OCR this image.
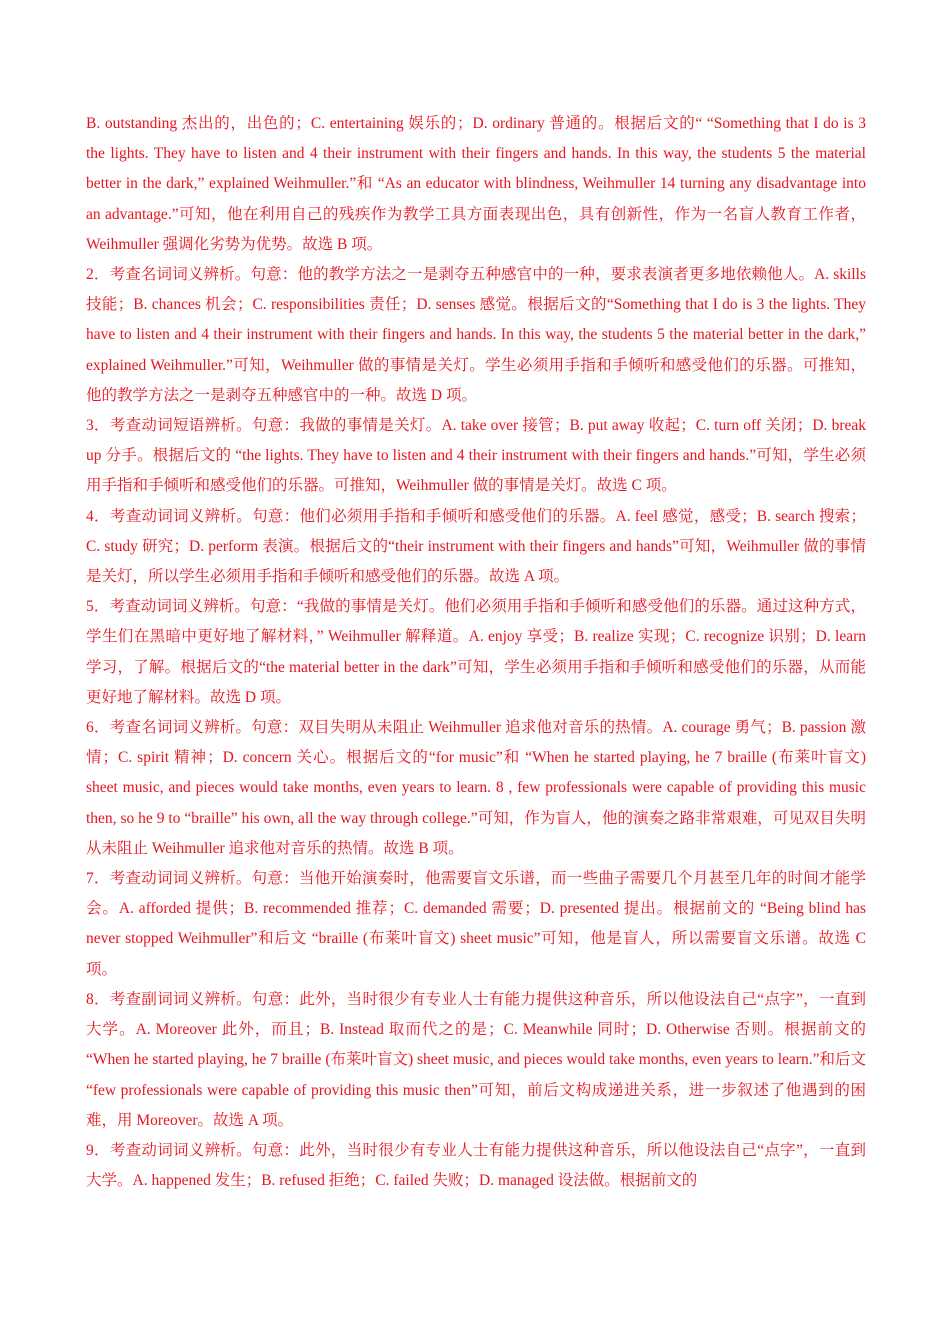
B. outstanding 杰出的，出色的；C. entertaining 娱乐的；D. ordinary 普通的。根据后文的“ “Something that I do is 3 the lights. They have to listen and 4 their instrument with their fingers and hands. In this way, the students 5 the material better in the dark,” explained Weihmuller.”和 “As an educator with blindness, Weihmuller 14 turning any disadvantage into an advantage.”可知，他在利用自己的残疾作为教学工具方面表现出色，具有创新性，作为一名盲人教育工作者，Weihmuller 强调化劣势为优势。故选 B 项。

2．考查名词词义辨析。句意：他的教学方法之一是剥夺五种感官中的一种，要求表演者更多地依赖他人。A. skills 技能；B. chances 机会；C. responsibilities 责任；D. senses 感觉。根据后文的“Something that I do is 3 the lights. They have to listen and 4 their instrument with their fingers and hands. In this way, the students 5 the material better in the dark,” explained Weihmuller.”可知，Weihmuller 做的事情是关灯。学生必须用手指和手倾听和感受他们的乐器。可推知，他的教学方法之一是剥夺五种感官中的一种。故选 D 项。

3．考查动词短语辨析。句意：我做的事情是关灯。A. take over 接管；B. put away 收起；C. turn off 关闭；D. break up 分手。根据后文的 “the lights. They have to listen and 4 their instrument with their fingers and hands.”可知，学生必须用手指和手倾听和感受他们的乐器。可推知，Weihmuller 做的事情是关灯。故选 C 项。

4．考查动词词义辨析。句意：他们必须用手指和手倾听和感受他们的乐器。A. feel 感觉，感受；B. search 搜索；C. study 研究；D. perform 表演。根据后文的“their instrument with their fingers and hands”可知，Weihmuller 做的事情是关灯，所以学生必须用手指和手倾听和感受他们的乐器。故选 A 项。

5．考查动词词义辨析。句意：“我做的事情是关灯。他们必须用手指和手倾听和感受他们的乐器。通过这种方式，学生们在黑暗中更好地了解材料，” Weihmuller 解释道。A. enjoy 享受；B. realize 实现；C. recognize 识别；D. learn 学习，了解。根据后文的“the material better in the dark”可知，学生必须用手指和手倾听和感受他们的乐器，从而能更好地了解材料。故选 D 项。

6．考查名词词义辨析。句意：双目失明从未阻止 Weihmuller 追求他对音乐的热情。A. courage 勇气；B. passion 激情；C. spirit 精神；D. concern 关心。根据后文的“for music”和 “When he started playing, he 7 braille (布莱叶盲文) sheet music, and pieces would take months, even years to learn. 8 , few professionals were capable of providing this music then, so he 9 to “braille” his own, all the way through college.”可知，作为盲人，他的演奏之路非常艰难，可见双目失明从未阻止 Weihmuller 追求他对音乐的热情。故选 B 项。

7．考查动词词义辨析。句意：当他开始演奏时，他需要盲文乐谱，而一些曲子需要几个月甚至几年的时间才能学会。A. afforded 提供；B. recommended 推荐；C. demanded 需要；D. presented 提出。根据前文的 “Being blind has never stopped Weihmuller”和后文 “braille (布莱叶盲文) sheet music”可知，他是盲人，所以需要盲文乐谱。故选 C 项。

8．考查副词词义辨析。句意：此外，当时很少有专业人士有能力提供这种音乐，所以他设法自己“点字”，一直到大学。A. Moreover 此外，而且；B. Instead 取而代之的是；C. Meanwhile 同时；D. Otherwise 否则。根据前文的 “When he started playing, he 7 braille (布莱叶盲文) sheet music, and pieces would take months, even years to learn.”和后文 “few professionals were capable of providing this music then”可知，前后文构成递进关系，进一步叙述了他遇到的困难，用 Moreover。故选 A 项。

9．考查动词词义辨析。句意：此外，当时很少有专业人士有能力提供这种音乐，所以他设法自己“点字”，一直到大学。A. happened 发生；B. refused 拒绝；C. failed 失败；D. managed 设法做。根据前文的
